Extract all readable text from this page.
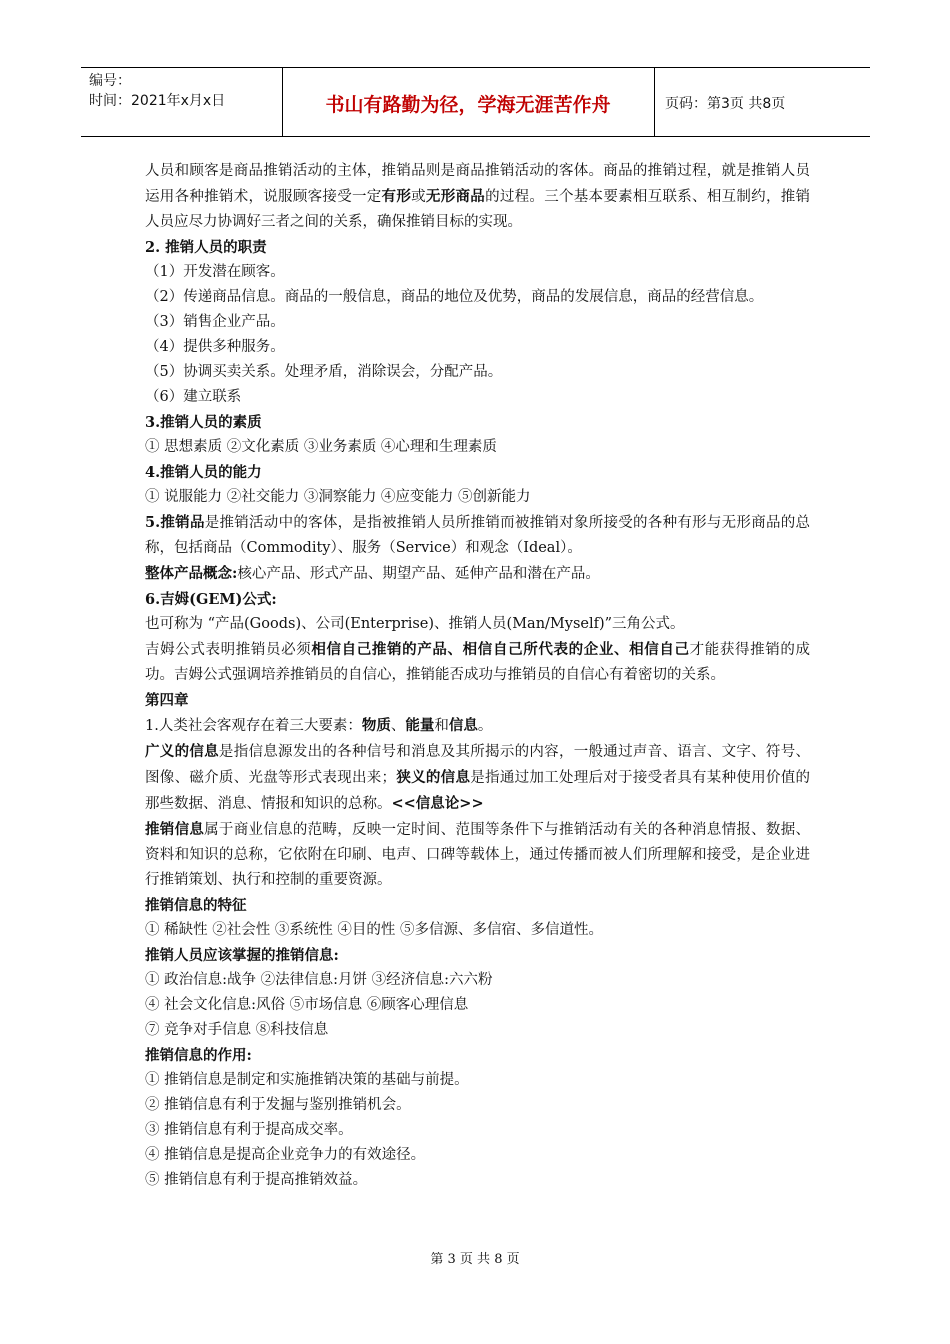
编号：
时间：2021年x月x日	书山有路勤为径，学海无涯苦作舟	页码：第3页 共8页
人员和顾客是商品推销活动的主体，推销品则是商品推销活动的客体。商品的推销过程，就是推销人员运用各种推销术，说服顾客接受一定有形或无形商品的过程。三个基本要素相互联系、相互制约，推销人员应尽力协调好三者之间的关系，确保推销目标的实现。
2. 推销人员的职责
（1）开发潜在顾客。
（2）传递商品信息。商品的一般信息，商品的地位及优势，商品的发展信息，商品的经营信息。
（3）销售企业产品。
（4）提供多种服务。
（5）协调买卖关系。处理矛盾，消除误会，分配产品。
（6）建立联系
3.推销人员的素质
① 思想素质 ②文化素质 ③业务素质 ④心理和生理素质
4.推销人员的能力
① 说服能力 ②社交能力 ③洞察能力 ④应变能力 ⑤创新能力
5.推销品是推销活动中的客体，是指被推销人员所推销而被推销对象所接受的各种有形与无形商品的总称，包括商品（Commodity）、服务（Service）和观念（Ideal）。
整体产品概念:核心产品、形式产品、期望产品、延伸产品和潜在产品。
6.吉姆(GEM)公式:
也可称为 “产品(Goods)、公司(Enterprise)、推销人员(Man/Myself)”三角公式。
吉姆公式表明推销员必须相信自己推销的产品、相信自己所代表的企业、相信自己才能获得推销的成功。吉姆公式强调培养推销员的自信心，推销能否成功与推销员的自信心有着密切的关系。
第四章
1.人类社会客观存在着三大要素：物质、能量和信息。
广义的信息是指信息源发出的各种信号和消息及其所揭示的内容，一般通过声音、语言、文字、符号、图像、磁介质、光盘等形式表现出来；狭义的信息是指通过加工处理后对于接受者具有某种使用价值的那些数据、消息、情报和知识的总称。<<信息论>>
推销信息属于商业信息的范畴，反映一定时间、范围等条件下与推销活动有关的各种消息情报、数据、资料和知识的总称，它依附在印刷、电声、口碑等载体上，通过传播而被人们所理解和接受，是企业进行推销策划、执行和控制的重要资源。
推销信息的特征
① 稀缺性 ②社会性 ③系统性 ④目的性 ⑤多信源、多信宿、多信道性。
推销人员应该掌握的推销信息:
① 政治信息:战争 ②法律信息:月饼 ③经济信息:六六粉
④ 社会文化信息:风俗 ⑤市场信息 ⑥顾客心理信息
⑦ 竞争对手信息 ⑧科技信息
推销信息的作用:
① 推销信息是制定和实施推销决策的基础与前提。
② 推销信息有利于发掘与鉴别推销机会。
③ 推销信息有利于提高成交率。
④ 推销信息是提高企业竞争力的有效途径。
⑤ 推销信息有利于提高推销效益。
第 3 页 共 8 页
